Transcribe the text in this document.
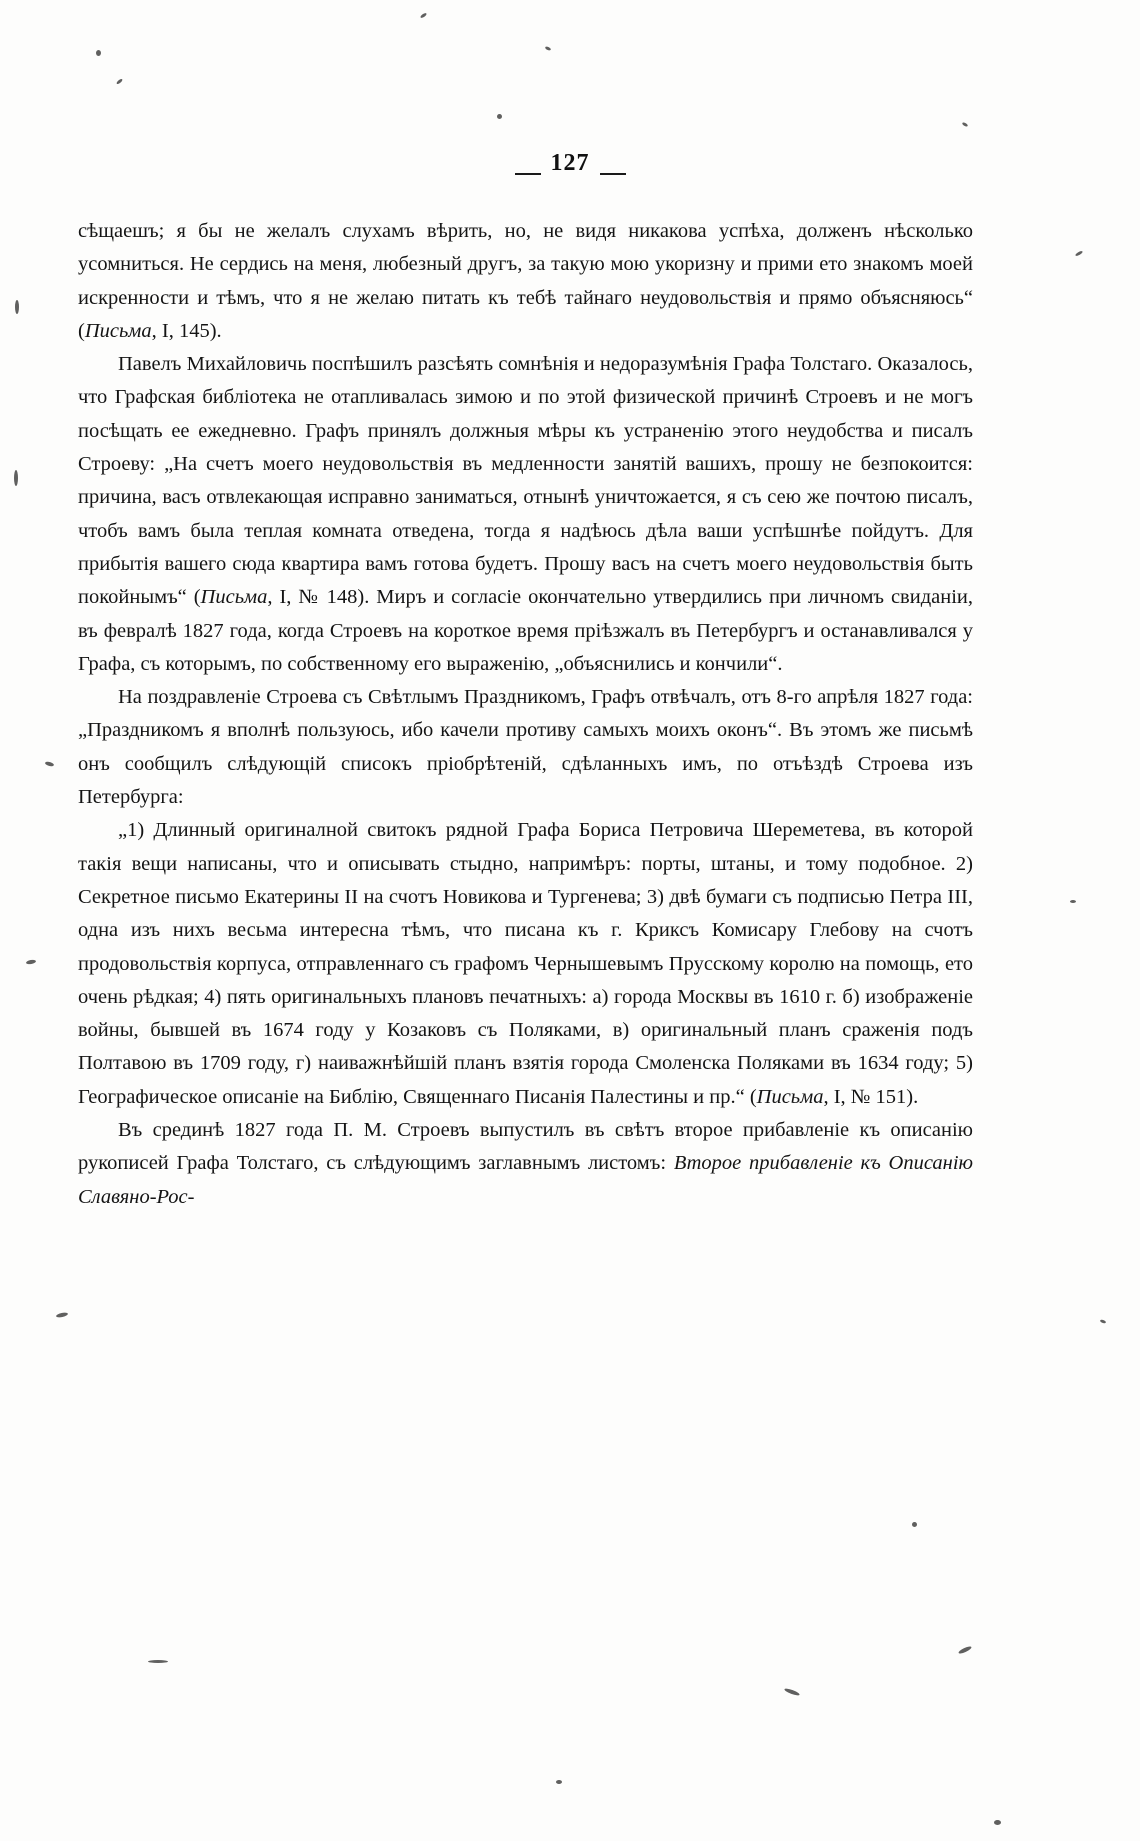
127

сѣщаешъ; я бы не желалъ слухамъ вѣрить, но, не видя никакова успѣха, долженъ нѣсколько усомниться. Не сердись на меня, любезный другъ, за такую мою укоризну и прими ето знакомъ моей искренности и тѣмъ, что я не желаю питать къ тебѣ тайнаго неудовольствія и прямо объясняюсь“ (Письма, I, 145).

Павелъ Михайловичь поспѣшилъ разсѣять сомнѣнія и недоразумѣнія Графа Толстаго. Оказалось, что Графская библіотека не отапливалась зимою и по этой физической причинѣ Строевъ и не могъ посѣщать ее ежедневно. Графъ принялъ должныя мѣры къ устраненію этого неудобства и писалъ Строеву: „На счетъ моего неудовольствія въ медленности занятій вашихъ, прошу не безпокоится: причина, васъ отвлекающая исправно заниматься, отнынѣ уничтожается, я съ сею же почтою писалъ, чтобъ вамъ была теплая комната отведена, тогда я надѣюсь дѣла ваши успѣшнѣе пойдутъ. Для прибытія вашего сюда квартира вамъ готова будетъ. Прошу васъ на счетъ моего неудовольствія быть покойнымъ“ (Письма, I, № 148). Миръ и согласіе окончательно утвердились при личномъ свиданіи, въ февралѣ 1827 года, когда Строевъ на короткое время пріѣзжалъ въ Петербургъ и останавливался у Графа, съ которымъ, по собственному его выраженію, „объяснились и кончили“.

На поздравленіе Строева съ Свѣтлымъ Праздникомъ, Графъ отвѣчалъ, отъ 8-го апрѣля 1827 года: „Праздникомъ я вполнѣ пользуюсь, ибо качели противу самыхъ моихъ оконъ“. Въ этомъ же письмѣ онъ сообщилъ слѣдующій списокъ пріобрѣтеній, сдѣланныхъ имъ, по отъѣздѣ Строева изъ Петербурга:

„1) Длинный оригиналной свитокъ рядной Графа Бориса Петровича Шереметева, въ которой такія вещи написаны, что и описывать стыдно, напримѣръ: порты, штаны, и тому подобное. 2) Секретное письмо Екатерины II на счотъ Новикова и Тургенева; 3) двѣ бумаги съ подписью Петра III, одна изъ нихъ весьма интересна тѣмъ, что писана къ г. Криксъ Комисару Глебову на счотъ продовольствія корпуса, отправленнаго съ графомъ Чернышевымъ Прусскому королю на помощь, ето очень рѣдкая; 4) пять оригинальныхъ плановъ печатныхъ: а) города Москвы въ 1610 г. б) изображеніе войны, бывшей въ 1674 году у Козаковъ съ Поляками, в) оригинальный планъ сраженія подъ Полтавою въ 1709 году, г) наиважнѣйшій планъ взятія города Смоленска Поляками въ 1634 году; 5) Географическое описаніе на Библію, Священнаго Писанія Палестины и пр.“ (Письма, I, № 151).

Въ срединѣ 1827 года П. М. Строевъ выпустилъ въ свѣтъ второе прибавленіе къ описанію рукописей Графа Толстаго, съ слѣдующимъ заглавнымъ листомъ: Второе прибавленіе къ Описанію Славяно-Рос-
